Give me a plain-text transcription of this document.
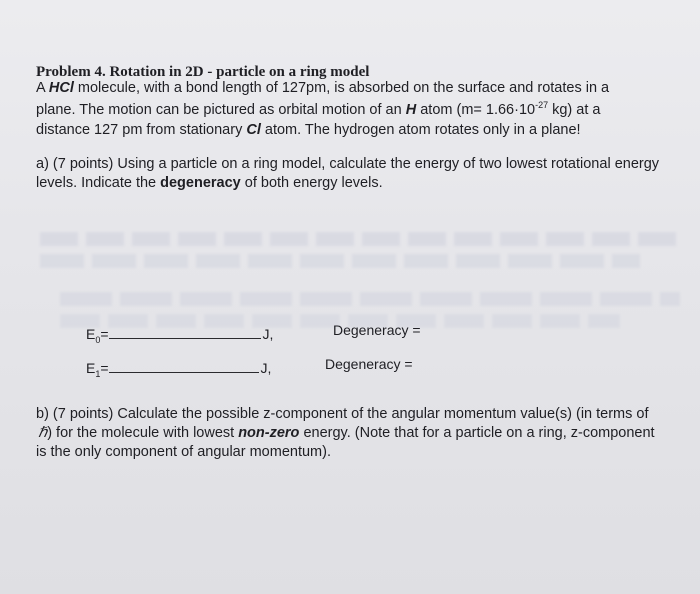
Problem 4. Rotation in 2D - particle on a ring model
A HCl molecule, with a bond length of 127pm, is absorbed on the surface and rotates in a
plane. The motion can be pictured as orbital motion of an H atom ($m= 1.66\cdot 10^{-27}$ kg) at a
distance 127 pm from stationary Cl atom. The hydrogen atom rotates only in a plane!
a) (7 points) Using a particle on a ring model, calculate the energy of two lowest rotational energy
levels. Indicate the degeneracy of both energy levels.
$E_0=$	J,	Degeneracy =
$E_1=$	J,	Degeneracy =
b) (7 points) Calculate the possible z-component of the angular momentum value(s) (in terms of
ℏ) for the molecule with lowest non-zero energy. (Note that for a particle on a ring, z-component
is the only component of angular momentum).
